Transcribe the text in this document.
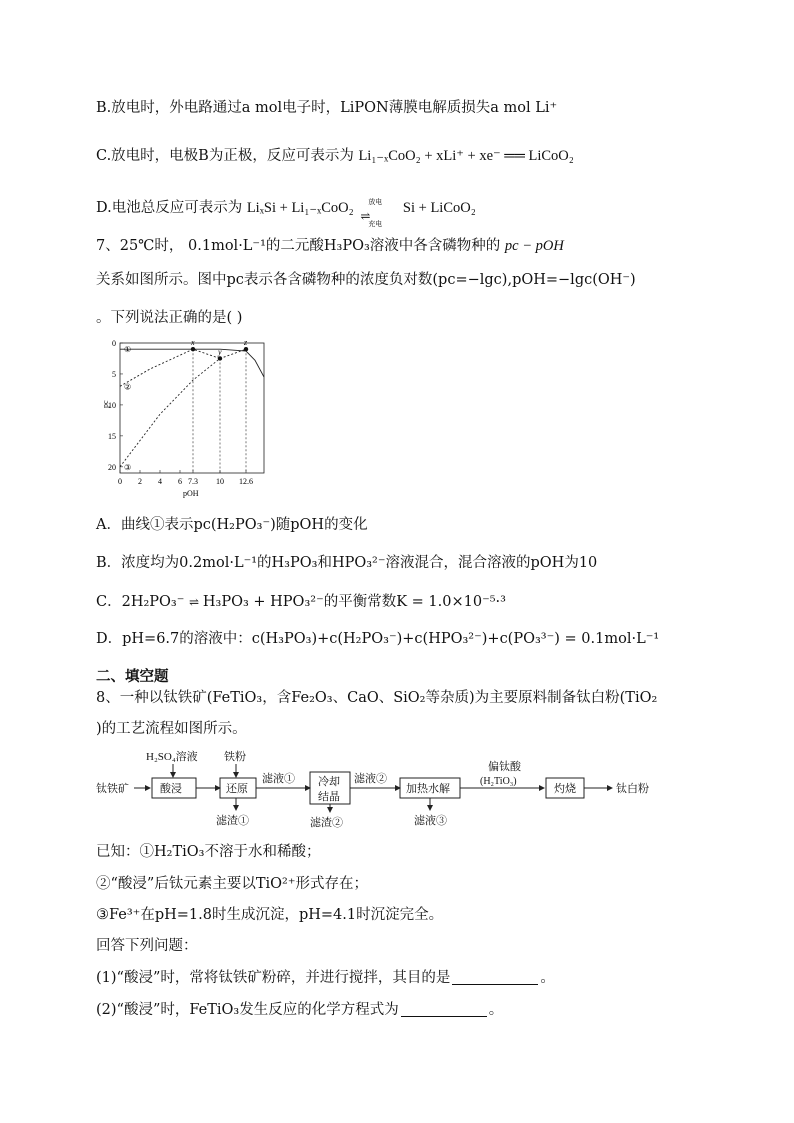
B.放电时，外电路通过a mol电子时，LiPON薄膜电解质损失a mol Li⁺
C.放电时，电极B为正极，反应可表示为 Li₁₋ₓCoO₂ + xLi⁺ + xe⁻ ══ LiCoO₂
D.电池总反应可表示为 LiₓSi + Li₁₋ₓCoO₂ 放电
⇌
充电
Si + LiCoO₂
7、25℃时， 0.1mol·L⁻¹的二元酸H₃PO₃溶液中各含磷物种的 pc − pOH
关系如图所示。图中pc表示各含磷物种的浓度负对数(pc=−lgc),pOH=−lgc(OH⁻)
。下列说法正确的是( )
0
5
10
15
20
0 2 4 6 7.3 10 12.6
①
②
③
x
y
z
pc
pOH
A．曲线①表示pc(H₂PO₃⁻)随pOH的变化
B．浓度均为0.2mol·L⁻¹的H₃PO₃和HPO₃²⁻溶液混合，混合溶液的pOH为10
C．2H₂PO₃⁻ ⇌ H₃PO₃ + HPO₃²⁻的平衡常数K = 1.0×10⁻⁵·³
D．pH=6.7的溶液中：c(H₃PO₃)+c(H₂PO₃⁻)+c(HPO₃²⁻)+c(PO₃³⁻) = 0.1mol·L⁻¹
二、填空题
8、一种以钛铁矿(FeTiO₃，含Fe₂O₃、CaO、SiO₂等杂质)为主要原料制备钛白粉(TiO₂
)的工艺流程如图所示。
钛铁矿
H₂SO₄溶液
酸浸
铁粉
还原
滤渣①
滤液① 冷却
结晶
滤渣②
滤液②
加热水解
滤液③
偏钛酸
(H₂TiO₃)
灼烧	钛白粉
已知：①H₂TiO₃不溶于水和稀酸；
②“酸浸”后钛元素主要以TiO²⁺形式存在；
③Fe³⁺在pH=1.8时生成沉淀，pH=4.1时沉淀完全。
回答下列问题：
(1)“酸浸”时，常将钛铁矿粉碎，并进行搅拌，其目的是	。
(2)“酸浸”时，FeTiO₃发生反应的化学方程式为	。
